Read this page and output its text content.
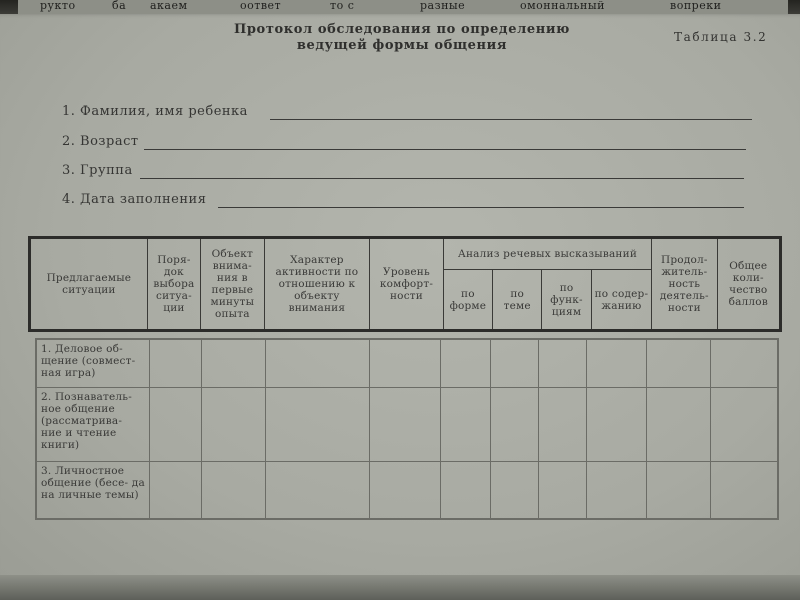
рукто	ба акаем	оответ	то с	разные	омоннальный	вопреки
Протокол обследования по определению
ведущей формы общения
Таблица 3.2
1. Фамилия, имя ребенка
2. Возраст
3. Группа
4. Дата заполнения
Предлагаемые ситуации	Поря- док выбора ситуа- ции	Объект внима- ния в первые минуты опыта	Характер активности по отношению к объекту внимания	Уровень комфорт- ности	Анализ речевых высказываний				Продол- житель- ность деятель- ности	Общее коли- чество баллов
					по форме	по теме	по функ- циям	по содер- жанию		
1. Деловое об- щение (совмест- ная игра)										
2. Познаватель- ное общение (рассматрива- ние и чтение книги)										
3. Личностное общение (бесе- да на личные темы)										
